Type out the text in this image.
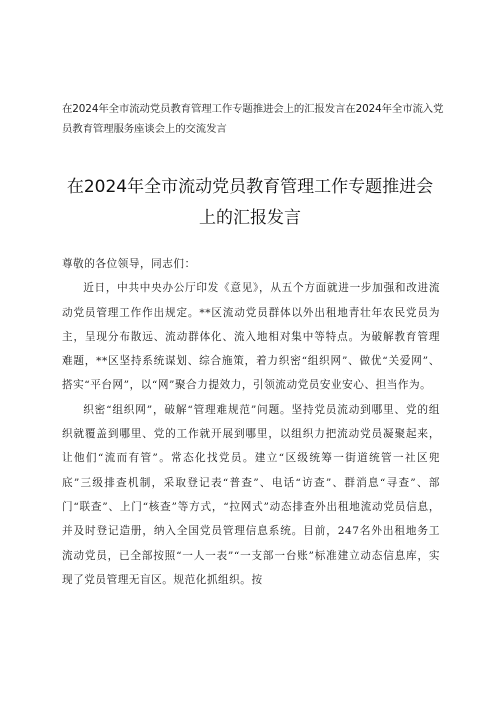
在2024年全市流动党员教育管理工作专题推进会上的汇报发言在2024年全市流入党员教育管理服务座谈会上的交流发言
在2024年全市流动党员教育管理工作专题推进会上的汇报发言

尊敬的各位领导，同志们：

近日，中共中央办公厅印发《意见》，从五个方面就进一步加强和改进流动党员管理工作作出规定。**区流动党员群体以外出租地青壮年农民党员为主，呈现分布散远、流动群体化、流入地相对集中等特点。为破解教育管理难题，**区坚持系统谋划、综合施策，着力织密“组织网”、做优“关爱网”、搭实“平台网”，以“网”聚合力提效力，引领流动党员安业安心、担当作为。

织密“组织网”，破解“管理难规范”问题。坚持党员流动到哪里、党的组织就覆盖到哪里、党的工作就开展到哪里，以组织力把流动党员凝聚起来，让他们“流而有管”。常态化找党员。建立“区级统筹一街道统管一社区兜底”三级排查机制，采取登记表“普查”、电话“访查”、群消息“寻查”、部门“联查”、上门“核查”等方式，“拉网式”动态排查外出租地流动党员信息，并及时登记造册，纳入全国党员管理信息系统。目前，247名外出租地务工流动党员，已全部按照“一人一表”“一支部一台账”标准建立动态信息库，实现了党员管理无盲区。规范化抓组织。按
